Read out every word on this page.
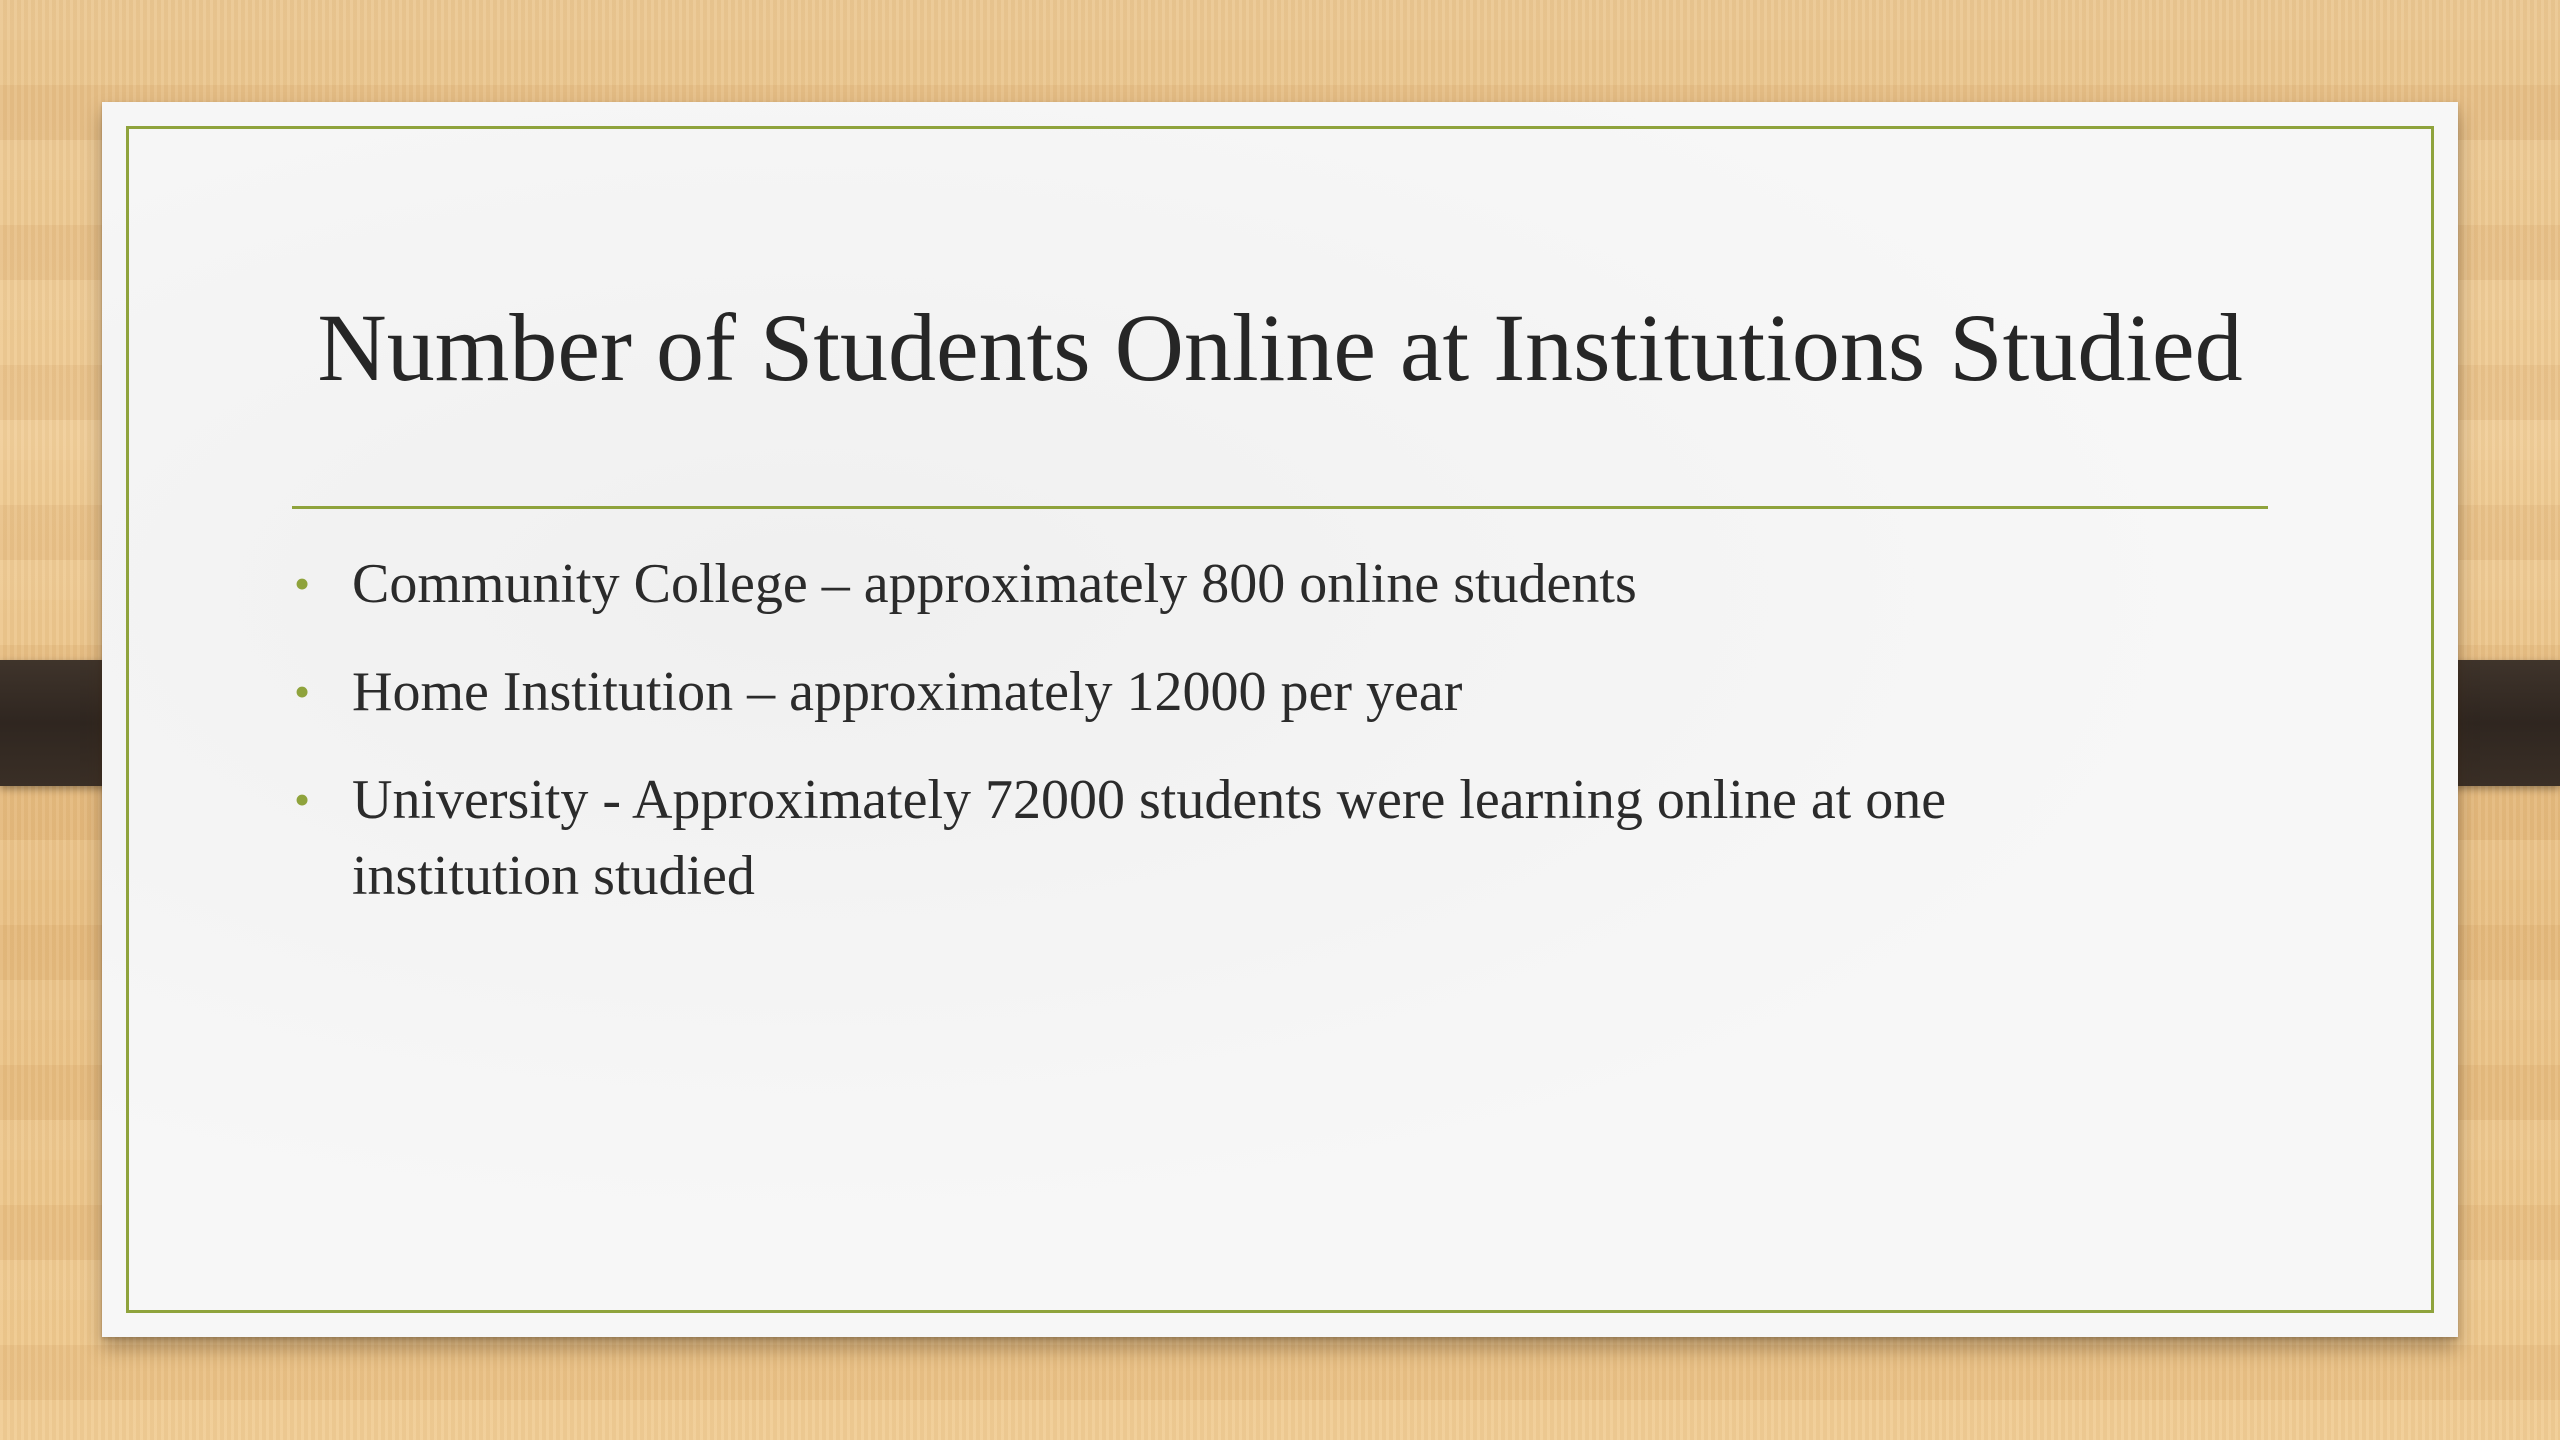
Number of Students Online at Institutions Studied
• Community College – approximately 800 online students
• Home Institution – approximately 12000 per year
• University - Approximately 72000 students were learning online at one institution studied
